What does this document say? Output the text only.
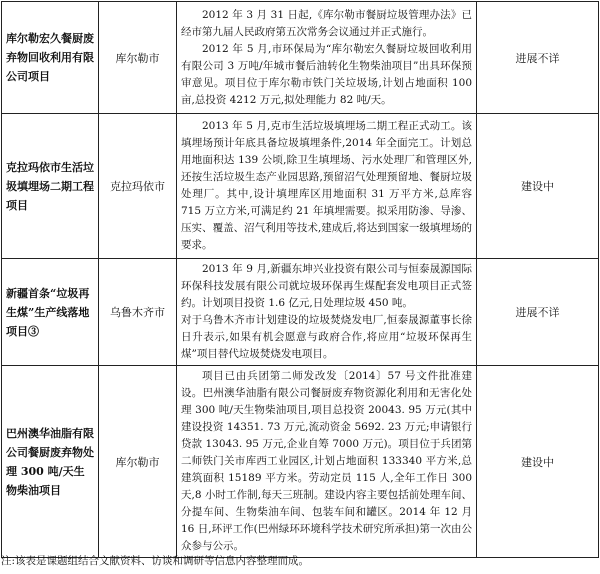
库尔勒宏久餐厨废弃物回收利用有限公司项目	库尔勒市	2012 年 3 月 31 日起,《库尔勒市餐厨垃圾管理办法》已经市第九届人民政府第五次常务会议通过并正式施行。

2012 年 5 月,市环保局为“库尔勒宏久餐厨垃圾回收利用有限公司 3 万吨/年城市餐后油转化生物柴油项目”出具环保预审意见。项目位于库尔勒市铁门关垃圾场,计划占地面积 100 亩,总投资 4212 万元,拟处理能力 82 吨/天。	进展不详
克拉玛依市生活垃圾填埋场二期工程项目	克拉玛依市	2013 年 5 月,克市生活垃圾填埋场二期工程正式动工。该填埋场预计年底具备垃圾填埋条件,2014 年全面完工。计划总用地面积达 139 公顷,除卫生填埋场、污水处理厂和管理区外,还按生活垃圾生态产业园思路,预留沼气处理预留地、餐厨垃圾处理厂。其中,设计填埋库区用地面积 31 万平方米,总库容 715 万立方米,可满足约 21 年填埋需要。拟采用防渗、导渗、压实、覆盖、沼气利用等技术,建成后,将达到国家一级填埋场的要求。	建设中
新疆首条“垃圾再生煤”生产线落地项目③	乌鲁木齐市	2013 年 9 月,新疆东坤兴业投资有限公司与恒泰晟源国际环保科技发展有限公司就垃圾环保再生煤配套发电项目正式签约。计划项目投资 1.6 亿元,日处理垃圾 450 吨。

对于乌鲁木齐市计划建设的垃圾焚烧发电厂,恒泰晟源董事长徐日升表示,如果有机会愿意与政府合作,将应用“垃圾环保再生煤”项目替代垃圾焚烧发电项目。	进展不详
巴州澳华油脂有限公司餐厨废弃物处理 300 吨/天生物柴油项目	库尔勒市	项目已由兵团第二师发改发〔2014〕57 号文件批准建设。巴州澳华油脂有限公司餐厨废弃物资源化利用和无害化处理 300 吨/天生物柴油项目,项目总投资 20043. 95 万元(其中建设投资 14351. 73 万元,流动资金 5692. 23 万元;申请银行贷款 13043. 95 万元,企业自筹 7000 万元)。项目位于兵团第二师铁门关市库西工业园区,计划占地面积 133340 平方米,总建筑面积 15189 平方米。劳动定员 115 人,全年工作日 300 天,8 小时工作制,每天三班制。建设内容主要包括前处理车间、分提车间、生物柴油车间、包装车间和罐区。2014 年 12 月 16 日,环评工作(巴州绿环环境科学技术研究所承担)第一次由公众参与公示。	建设中
注:该表是课题组结合文献资料、访谈和调研等信息内容整理而成。
